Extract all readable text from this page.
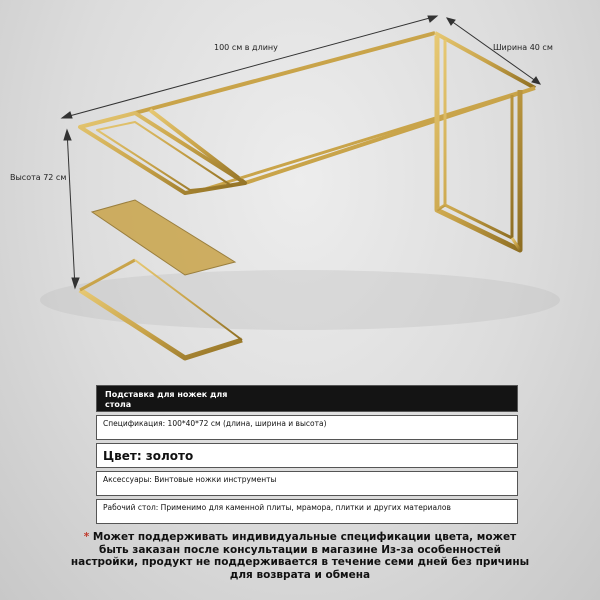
100 см в длину	Ширина 40 см
Высота 72 см
Подставка для ножек для стола
Спецификация: 100*40*72 см (длина, ширина и высота)
Цвет: золото
Аксессуары: Винтовые ножки инструменты
Рабочий стол: Применимо для каменной плиты, мрамора, плитки и других материалов
* Может поддерживать индивидуальные спецификации цвета, может быть заказан после консультации в магазине Из-за особенностей настройки, продукт не поддерживается в течение семи дней без причины для возврата и обмена
